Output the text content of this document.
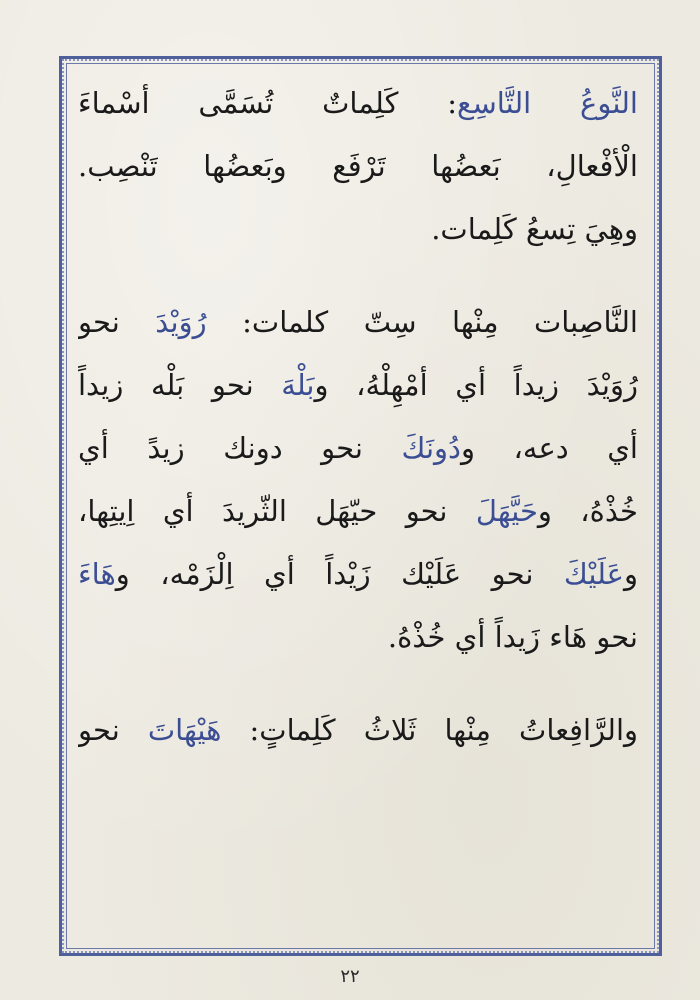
النَّوعُ التَّاسِع: كَلِماتٌ تُسَمَّى أسْماءَ
الْأفْعالِ، بَعضُها تَرْفَع وبَعضُها تَنْصِب.
وهِيَ تِسعُ كَلِمات.
النَّاصِبات مِنْها سِتّ كلمات: رُوَيْدَ نحو
رُوَيْدَ زيداً أي أمْهِلْهُ، وبَلْهَ نحو بَلْه زيداً
أي دعه، ودُونَكَ نحو دونك زيدً أي
خُذْهُ، وحَيَّهَلَ نحو حيّهَل الثّريدَ أي اِيتِها،
وعَلَيْكَ نحو عَلَيْك زَيْداً أي اِلْزَمْه، وهَاءَ
نحو هَاء زَيداً أي خُذْهُ.
والرَّافِعاتُ مِنْها ثَلاثُ كَلِماتٍ: هَيْهَاتَ نحو
٢٢
